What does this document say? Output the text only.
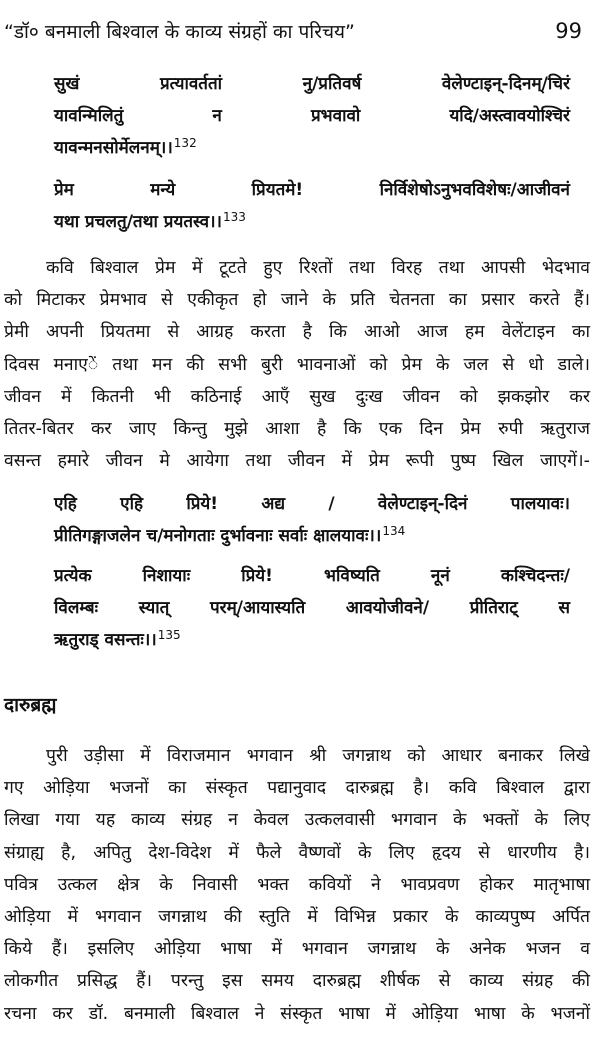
“डॉ० बनमाली बिश्वाल के काव्य संग्रहों का परिचय”	99
सुखं प्रत्यावर्ततां नु/प्रतिवर्ष वेलेण्टाइन्-दिनम्/चिरं
यावन्मिलितुं न प्रभवावो यदि/अस्त्वावयोश्चिरं
यावन्मनसोर्मेलनम्।।$^{132}$
प्रेम मन्ये प्रियतमे! निर्विशेषोऽनुभवविशेषः/आजीवनं
यथा प्रचलतु/तथा प्रयतस्व।।$^{133}$
कवि बिश्वाल प्रेम में टूटते हुए रिश्तों तथा विरह तथा आपसी भेदभाव
को मिटाकर प्रेमभाव से एकीकृत हो जाने के प्रति चेतनता का प्रसार करते हैं।
प्रेमी अपनी प्रियतमा से आग्रह करता है कि आओ आज हम वेलेंटाइन का
दिवस मनाएें तथा मन की सभी बुरी भावनाओं को प्रेम के जल से धो डाले।
जीवन में कितनी भी कठिनाई आएँ सुख दुःख जीवन को झकझोर कर
तितर-बितर कर जाए किन्तु मुझे आशा है कि एक दिन प्रेम रुपी ऋतुराज
वसन्त हमारे जीवन मे आयेगा तथा जीवन में प्रेम रूपी पुष्प खिल जाएगें।-
एहि एहि प्रिये! अद्य / वेलेण्टाइन्-दिनं पालयावः।
प्रीतिगङ्गाजलेन च/मनोगताः दुर्भावनाः सर्वाः क्षालयावः।।$^{134}$
प्रत्येक निशायाः प्रिये! भविष्यति नूनं कश्चिदन्तः/
विलम्बः स्यात् परम्/आयास्यति आवयोजीवने/ प्रीतिराट् स
ऋतुराड् वसन्तः।।$^{135}$
दारुब्रह्म
पुरी उड़ीसा में विराजमान भगवान श्री जगन्नाथ को आधार बनाकर लिखे
गए ओड़िया भजनों का संस्कृत पद्यानुवाद दारुब्रह्म है। कवि बिश्वाल द्वारा
लिखा गया यह काव्य संग्रह न केवल उत्कलवासी भगवान के भक्तों के लिए
संग्राह्य है, अपितु देश-विदेश में फैले वैष्णवों के लिए हृदय से धारणीय है।
पवित्र उत्कल क्षेत्र के निवासी भक्त कवियों ने भावप्रवण होकर मातृभाषा
ओड़िया में भगवान जगन्नाथ की स्तुति में विभिन्न प्रकार के काव्यपुष्प अर्पित
किये हैं। इसलिए ओड़िया भाषा में भगवान जगन्नाथ के अनेक भजन व
लोकगीत प्रसिद्ध हैं। परन्तु इस समय दारुब्रह्म शीर्षक से काव्य संग्रह की
रचना कर डॉ. बनमाली बिश्वाल ने संस्कृत भाषा में ओड़िया भाषा के भजनों
